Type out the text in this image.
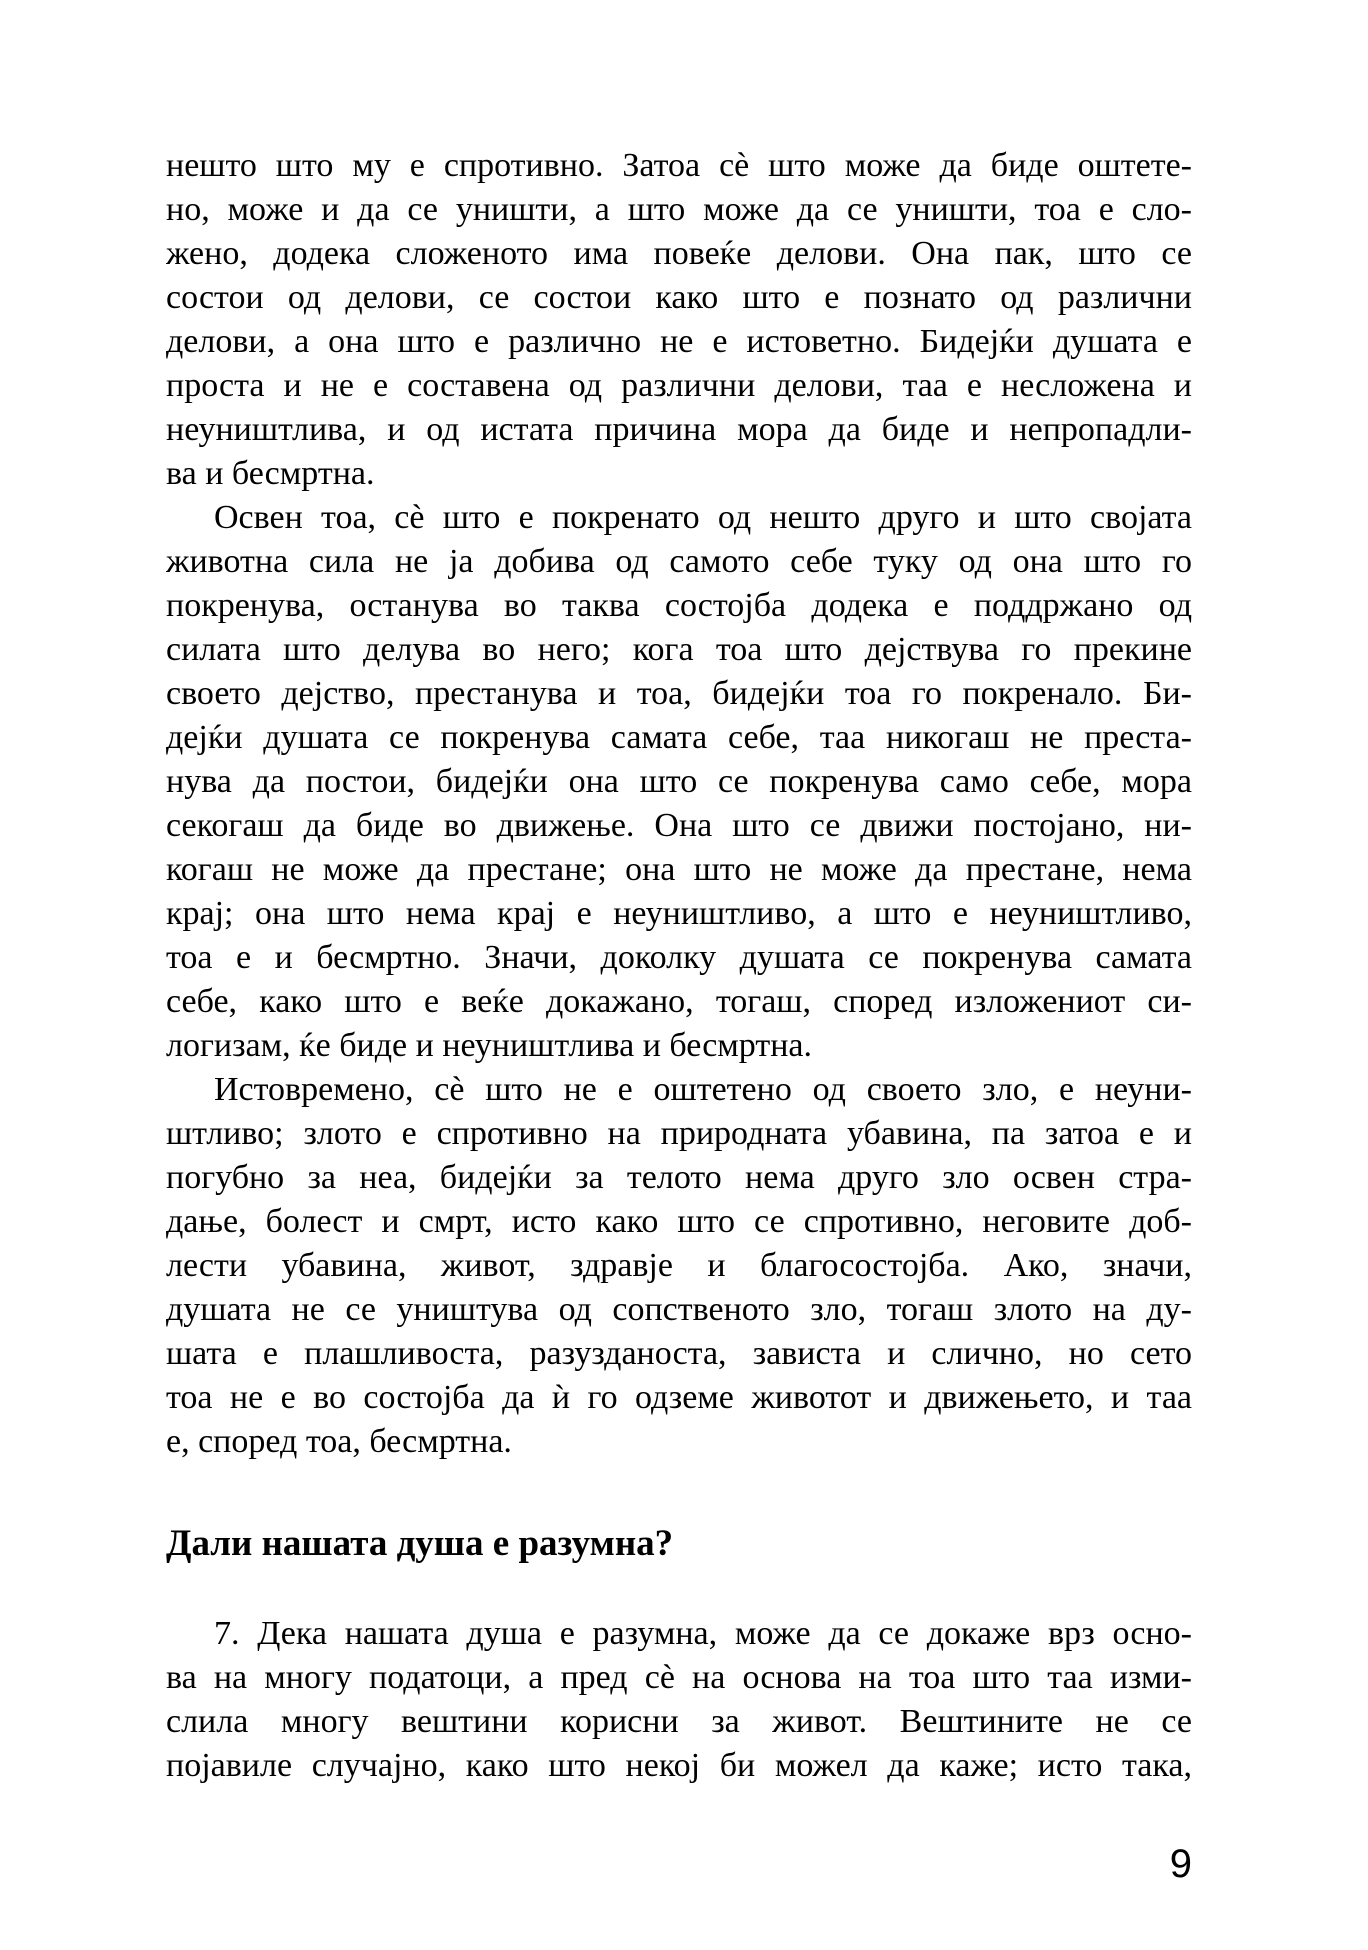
нешто што му е спротивно. Затоа сѐ што може да биде оштете-
но, може и да се уништи, а што може да се уништи, тоа е сло-
жено, додека сложеното има повеќе делови. Она пак, што се
состои од делови, се состои како што е познато од различни
делови, а она што е различно не е истоветно. Бидејќи душата е
проста и не е составена од различни делови, таа е несложена и
неуништлива, и од истата причина мора да биде и непропадли-
ва и бесмртна.
Освен тоа, сѐ што е покренато од нешто друго и што својата
животна сила не ја добива од самото себе туку од она што го
покренува, останува во таква состојба додека е поддржано од
силата што делува во него; кога тоа што дејствува го прекине
своето дејство, престанува и тоа, бидејќи тоа го покренало. Би-
дејќи душата се покренува самата себе, таа никогаш не преста-
нува да постои, бидејќи она што се покренува само себе, мора
секогаш да биде во движење. Она што се движи постојано, ни-
когаш не може да престане; она што не може да престане, нема
крај; она што нема крај е неуништливо, а што е неуништливо,
тоа е и бесмртно. Значи, доколку душата се покренува самата
себе, како што е веќе докажано, тогаш, според изложениот си-
логизам, ќе биде и неуништлива и бесмртна.
Истовремено, сѐ што не е оштетено од своето зло, е неуни-
штливо; злото е спротивно на природната убавина, па затоа е и
погубно за неа, бидејќи за телото нема друго зло освен стра-
дање, болест и смрт, исто како што се спротивно, неговите доб-
лести убавина, живот, здравје и благосостојба. Ако, значи,
душата не се уништува од сопственото зло, тогаш злото на ду-
шата е плашливоста, разузданоста, зависта и слично, но сето
тоа не е во состојба да ѝ го одземе животот и движењето, и таа
е, според тоа, бесмртна.
Дали нашата душа е разумна?
7. Дека нашата душа е разумна, може да се докаже врз осно-
ва на многу податоци, а пред сѐ на основа на тоа што таа изми-
слила многу вештини корисни за живот. Вештините не се
појавиле случајно, како што некој би можел да каже; исто така,
9
